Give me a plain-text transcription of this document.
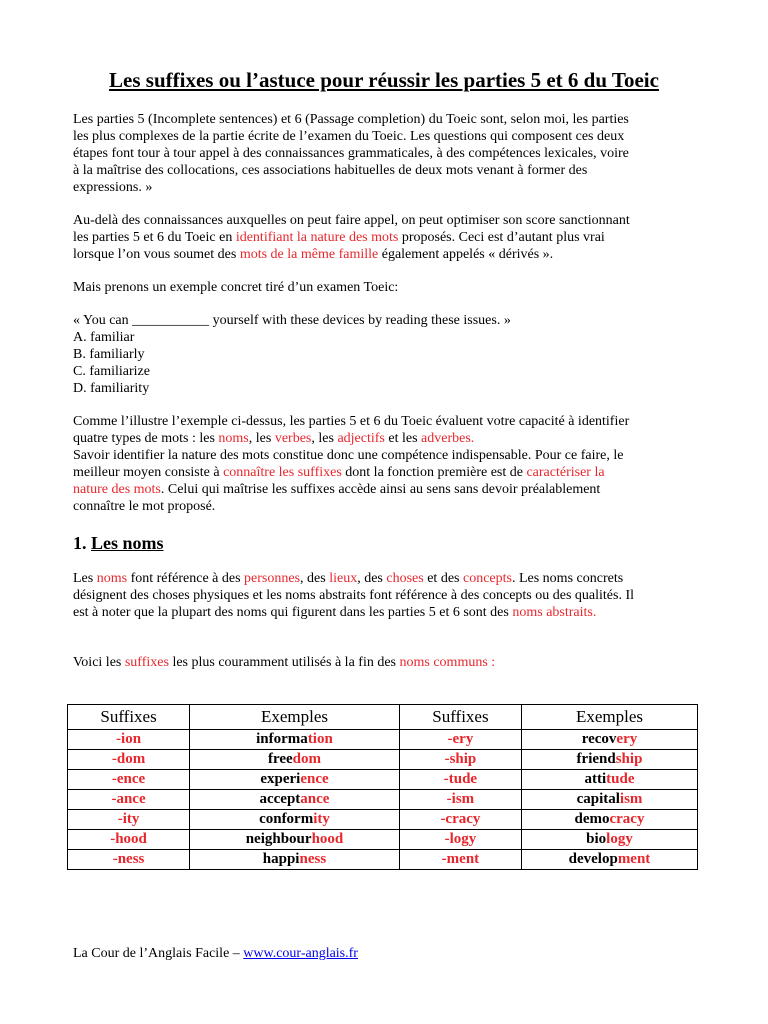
Les suffixes ou l’astuce pour réussir les parties 5 et 6 du Toeic

Les parties 5 (Incomplete sentences) et 6 (Passage completion) du Toeic sont, selon moi, les parties
les plus complexes de la partie écrite de l’examen du Toeic. Les questions qui composent ces deux
étapes font tour à tour appel à des connaissances grammaticales, à des compétences lexicales, voire
à la maîtrise des collocations, ces associations habituelles de deux mots venant à former des
expressions. »

Au-delà des connaissances auxquelles on peut faire appel, on peut optimiser son score sanctionnant
les parties 5 et 6 du Toeic en identifiant la nature des mots proposés. Ceci est d’autant plus vrai
lorsque l’on vous soumet des mots de la même famille également appelés « dérivés ».

Mais prenons un exemple concret tiré d’un examen Toeic:

« You can ___________ yourself with these devices by reading these issues. »
A. familiar
B. familiarly
C. familiarize
D. familiarity

Comme l’illustre l’exemple ci-dessus, les parties 5 et 6 du Toeic évaluent votre capacité à identifier
quatre types de mots : les noms, les verbes, les adjectifs et les adverbes.
Savoir identifier la nature des mots constitue donc une compétence indispensable. Pour ce faire, le
meilleur moyen consiste à connaître les suffixes dont la fonction première est de caractériser la
nature des mots. Celui qui maîtrise les suffixes accède ainsi au sens sans devoir préalablement
connaître le mot proposé.

1. Les noms

Les noms font référence à des personnes, des lieux, des choses et des concepts. Les noms concrets
désignent des choses physiques et les noms abstraits font référence à des concepts ou des qualités. Il
est à noter que la plupart des noms qui figurent dans les parties 5 et 6 sont des noms abstraits.

Voici les suffixes les plus couramment utilisés à la fin des noms communs :

Suffixes	Exemples	Suffixes	Exemples
-ion	information	-ery	recovery
-dom	freedom	-ship	friendship
-ence	experience	-tude	attitude
-ance	acceptance	-ism	capitalism
-ity	conformity	-cracy	democracy
-hood	neighbourhood	-logy	biology
-ness	happiness	-ment	development

La Cour de l’Anglais Facile – www.cour-anglais.fr
